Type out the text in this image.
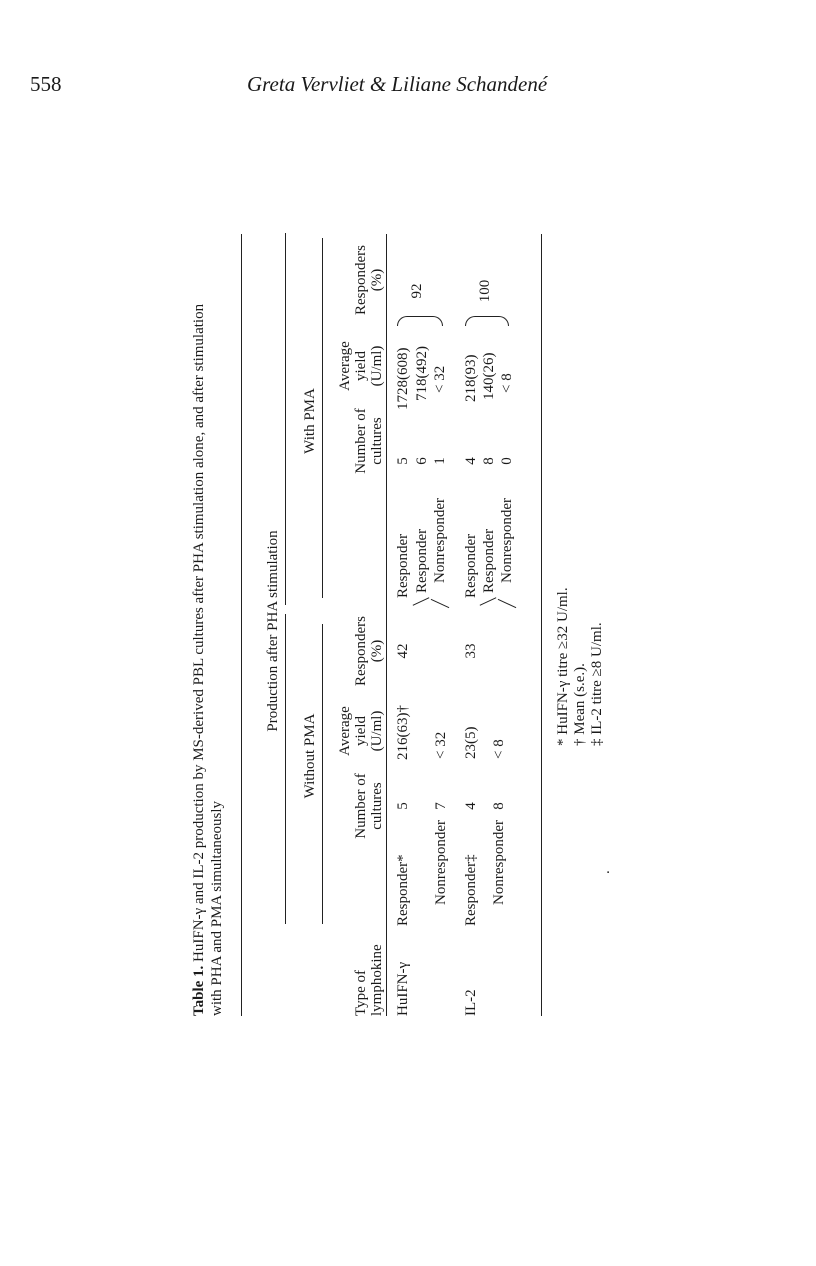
558	Greta Vervliet & Liliane Schandené
Table 1. HuIFN-γ and IL-2 production by MS-derived PBL cultures after PHA stimulation alone, and after stimulation with PHA and PMA simultaneously	Type of lymphokine
Production after PHA stimulation
Without PMA
With PMA
Number of cultures
Average yield (U/ml)
Responders (%)
Number of cultures
Average yield (U/ml)
Responders (%)
HuIFN-γ
Responder*
5
216(63)†
42
Nonresponder
7
< 32
Responder Responder Nonresponder
5 6 1
1728(608) 718(492) < 32
92
IL-2
Responder‡
4
23(5)
33
Nonresponder
8
< 8
Responder Responder Nonresponder
4 8 0
218(93) 140(26) < 8
100
* HuIFN-γ titre ≥32 U/ml. † Mean (s.e.). ‡ IL-2 titre ≥8 U/ml.
.
